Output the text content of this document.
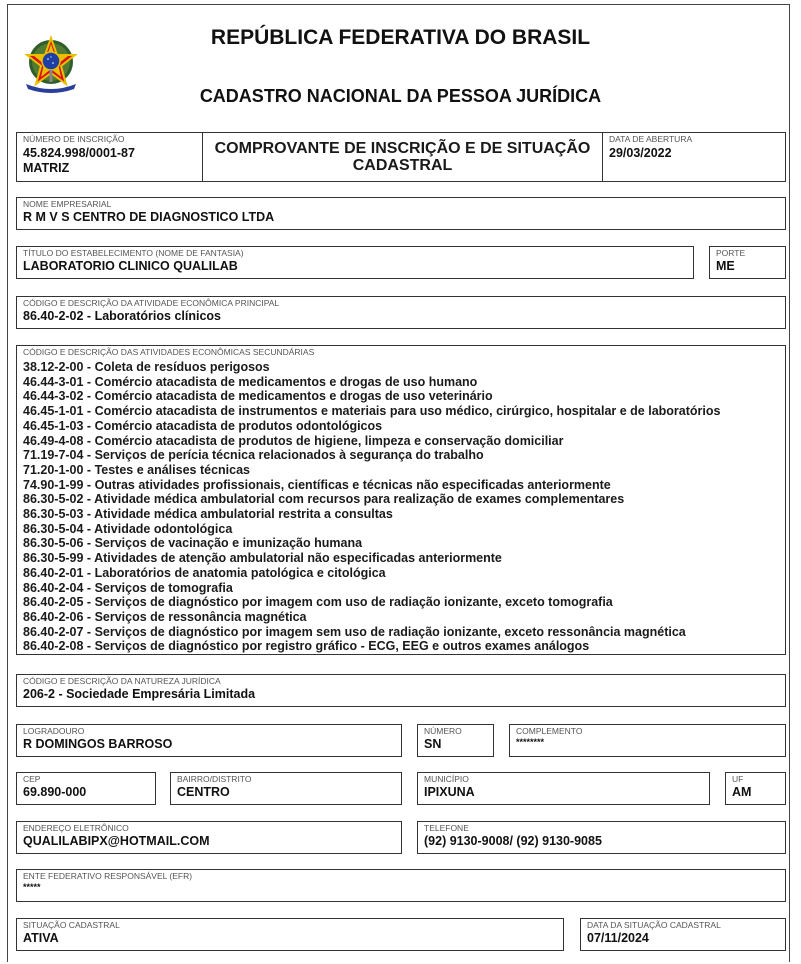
REPÚBLICA FEDERATIVA DO BRASIL
CADASTRO NACIONAL DA PESSOA JURÍDICA
NÚMERO DE INSCRIÇÃO
45.824.998/0001-87
MATRIZ
COMPROVANTE DE INSCRIÇÃO E DE SITUAÇÃO
CADASTRAL
DATA DE ABERTURA
29/03/2022
NOME EMPRESARIAL
R M V S CENTRO DE DIAGNOSTICO LTDA
TÍTULO DO ESTABELECIMENTO (NOME DE FANTASIA)
LABORATORIO CLINICO QUALILAB
PORTE
ME
CÓDIGO E DESCRIÇÃO DA ATIVIDADE ECONÔMICA PRINCIPAL
86.40-2-02 - Laboratórios clínicos
CÓDIGO E DESCRIÇÃO DAS ATIVIDADES ECONÔMICAS SECUNDÁRIAS
38.12-2-00 - Coleta de resíduos perigosos
46.44-3-01 - Comércio atacadista de medicamentos e drogas de uso humano
46.44-3-02 - Comércio atacadista de medicamentos e drogas de uso veterinário
46.45-1-01 - Comércio atacadista de instrumentos e materiais para uso médico, cirúrgico, hospitalar e de laboratórios
46.45-1-03 - Comércio atacadista de produtos odontológicos
46.49-4-08 - Comércio atacadista de produtos de higiene, limpeza e conservação domiciliar
71.19-7-04 - Serviços de perícia técnica relacionados à segurança do trabalho
71.20-1-00 - Testes e análises técnicas
74.90-1-99 - Outras atividades profissionais, científicas e técnicas não especificadas anteriormente
86.30-5-02 - Atividade médica ambulatorial com recursos para realização de exames complementares
86.30-5-03 - Atividade médica ambulatorial restrita a consultas
86.30-5-04 - Atividade odontológica
86.30-5-06 - Serviços de vacinação e imunização humana
86.30-5-99 - Atividades de atenção ambulatorial não especificadas anteriormente
86.40-2-01 - Laboratórios de anatomia patológica e citológica
86.40-2-04 - Serviços de tomografia
86.40-2-05 - Serviços de diagnóstico por imagem com uso de radiação ionizante, exceto tomografia
86.40-2-06 - Serviços de ressonância magnética
86.40-2-07 - Serviços de diagnóstico por imagem sem uso de radiação ionizante, exceto ressonância magnética
86.40-2-08 - Serviços de diagnóstico por registro gráfico - ECG, EEG e outros exames análogos
CÓDIGO E DESCRIÇÃO DA NATUREZA JURÍDICA
206-2 - Sociedade Empresária Limitada
LOGRADOURO
R DOMINGOS BARROSO
NÚMERO
SN
COMPLEMENTO
********
CEP
69.890-000
BAIRRO/DISTRITO
CENTRO
MUNICÍPIO
IPIXUNA
UF
AM
ENDEREÇO ELETRÔNICO
QUALILABIPX@HOTMAIL.COM
TELEFONE
(92) 9130-9008/ (92) 9130-9085
ENTE FEDERATIVO RESPONSÁVEL (EFR)
*****
SITUAÇÃO CADASTRAL
ATIVA
DATA DA SITUAÇÃO CADASTRAL
07/11/2024
